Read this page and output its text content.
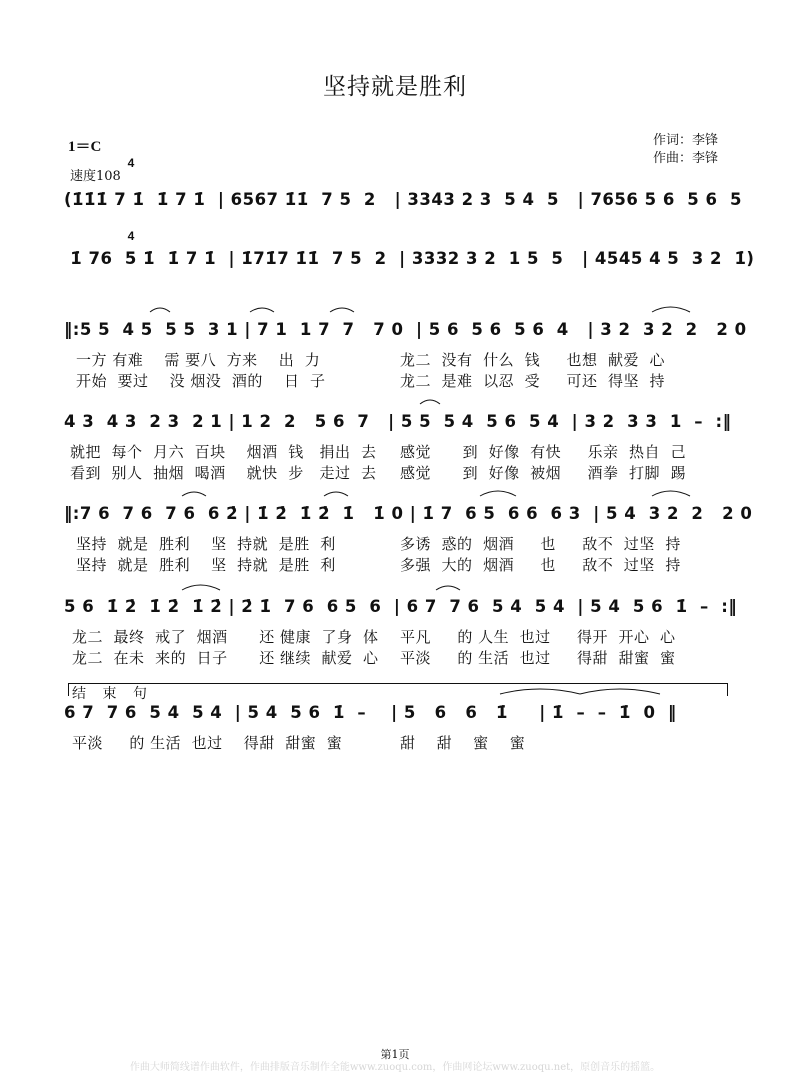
坚持就是胜利
1＝C

4

4

速度108
作词：李锋
作曲：李锋
(1̇1̇1̇ 7 1̇  1̇ 7 1̇  | 6567 1̇1̇  7 5  2   | 3343 2 3  5 4  5   | 7656 5 6  5 6  5
1̇ 76  5 1̇  1̇ 7 1̇  | 1̇71̇7 1̇1̇  7 5  2  | 3332 3 2  1 5  5   | 4545 4 5  3 2  1̇)
‖:5 5  4 5  5 5  3 1 | 7 1  1 7  7   7 0  | 5 6  5 6  5 6  4   | 3 2  3 2  2   2 0
一方 有难    需 要八  方来    出  力	龙二  没有  什么  钱     也想  献爱  心
开始  要过    没 烟没  酒的    日  子	龙二  是难  以忍  受     可还  得坚  持
4 3  4 3  2 3  2 1 | 1 2  2   5 6  7   | 5 5  5 4  5 6  5 4  | 3 2  3 3  1  –  :‖
就把  每个  月六  百块    烟酒  钱   捐出  去 感觉      到  好像  有快     乐亲  热自  己
看到  别人  抽烟  喝酒    就快  步   走过  去 感觉      到  好像  被烟     酒拳  打脚  踢
‖:7 6  7 6  7 6  6 2̇ | 1̇ 2̇  1̇ 2̇  1̇   1̇ 0 | 1̇ 7  6 5  6 6  6 3  | 5 4  3 2  2   2 0
坚持  就是  胜利    坚  持就  是胜  利	多诱  惑的  烟酒     也     敌不  过坚  持
坚持  就是  胜利    坚  持就  是胜  利	多强  大的  烟酒     也     敌不  过坚  持
5 6  1̇ 2̇  1̇ 2̇  1̇ 2̇ | 2̇ 1̇  7 6  6 5  6  | 6 7  7 6  5 4  5 4  | 5 4  5 6  1̇  –  :‖
龙二  最终  戒了  烟酒      还 健康  了身  体 平凡     的 人生  也过     得开  开心  心
龙二  在未  来的  日子      还 继续  献爱  心 平淡     的 生活  也过     得甜  甜蜜  蜜
结 束 句
6 7  7 6  5 4  5 4  | 5 4  5 6  1̇  –    | 5   6   6   1̇     | 1̇  –  –  1̇  0  ‖
平淡     的 生活  也过    得甜  甜蜜  蜜	甜    甜    蜜    蜜
第1页
作曲大师简线谱作曲软件，作曲排版音乐制作全能www.zuoqu.com，作曲网论坛www.zuoqu.net，原创音乐的摇篮。
